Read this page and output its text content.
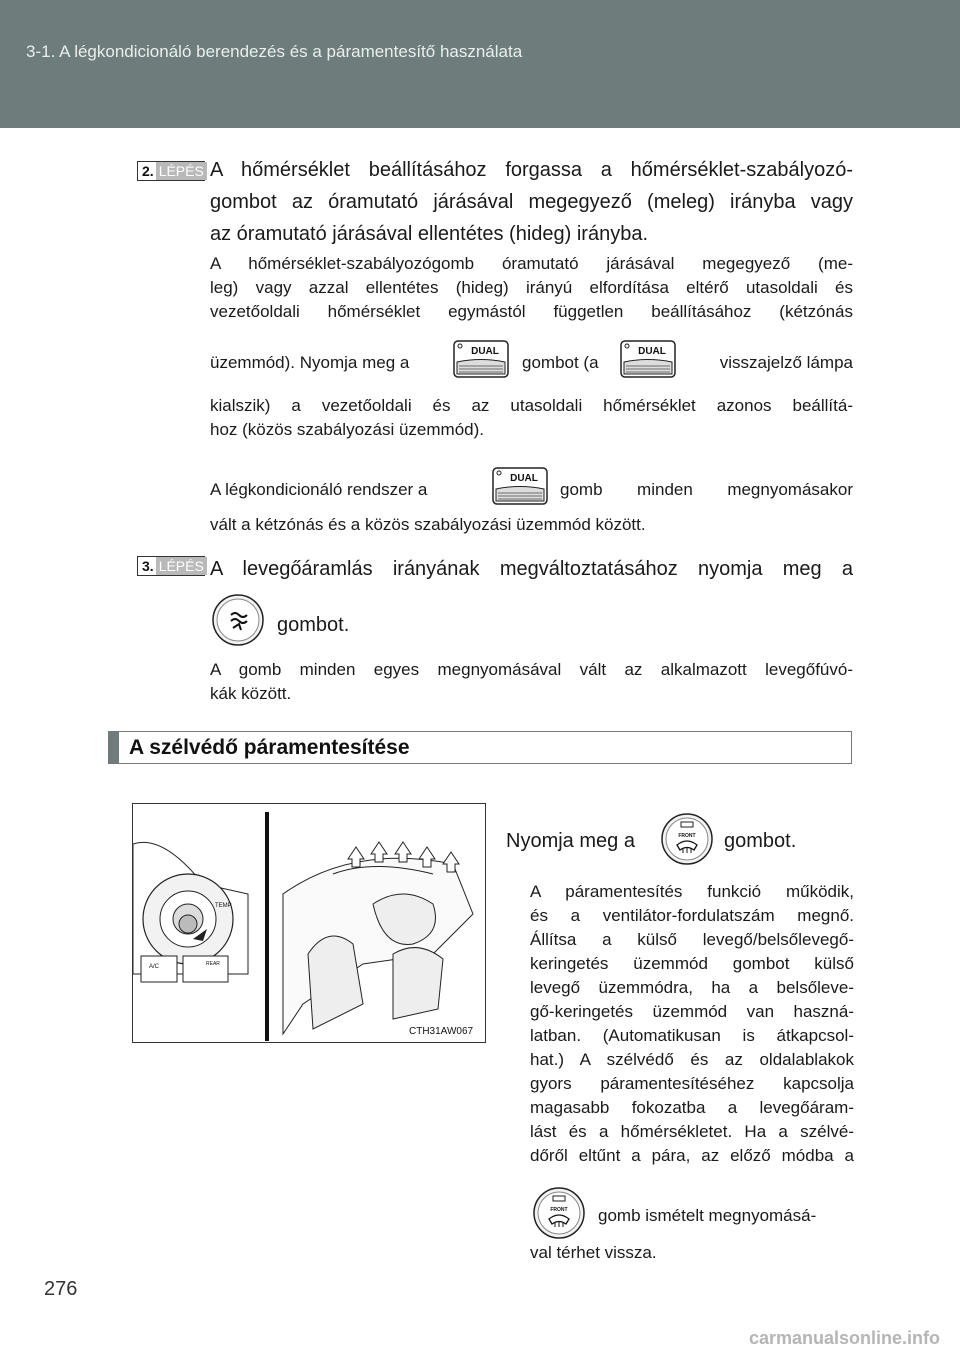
3-1. A légkondicionáló berendezés és a páramentesítő használata
2. LÉPÉS A hőmérséklet beállításához forgassa a hőmérséklet-szabályozó-
gombot az óramutató járásával megegyező (meleg) irányba vagy
az óramutató járásával ellentétes (hideg) irányba.
A hőmérséklet-szabályozógomb óramutató járásával megegyező (me-
leg) vagy azzal ellentétes (hideg) irányú elfordítása eltérő utasoldali és
vezetőoldali hőmérséklet egymástól független beállításához (kétzónás
üzemmód). Nyomja meg a
DUAL
gombot (a
DUAL
visszajelző lámpa
kialszik) a vezetőoldali és az utasoldali hőmérséklet azonos beállítá-
hoz (közös szabályozási üzemmód).
A légkondicionáló rendszer a
DUAL
gomb minden megnyomásakor
vált a kétzónás és a közös szabályozási üzemmód között.
3. LÉPÉS A levegőáramlás irányának megváltoztatásához nyomja meg a
gombot.
A gomb minden egyes megnyomásával vált az alkalmazott levegőfúvó-
kák között.
A szélvédő páramentesítése
TEMP
A/C	REAR
CTH31AW067
Nyomja meg a	FRONT gombot.
A páramentesítés funkció működik,
és a ventilátor-fordulatszám megnő.
Állítsa a külső levegő/belsőlevegő-
keringetés üzemmód gombot külső
levegő üzemmódra, ha a belsőleve-
gő-keringetés üzemmód van haszná-
latban. (Automatikusan is átkapcsol-
hat.) A szélvédő és az oldalablakok
gyors páramentesítéséhez kapcsolja
magasabb fokozatba a levegőáram-
lást és a hőmérsékletet. Ha a szélvé-
dőről eltűnt a pára, az előző módba a
FRONT gomb ismételt megnyomásá-
val térhet vissza.
276
carmanualsonline.info
